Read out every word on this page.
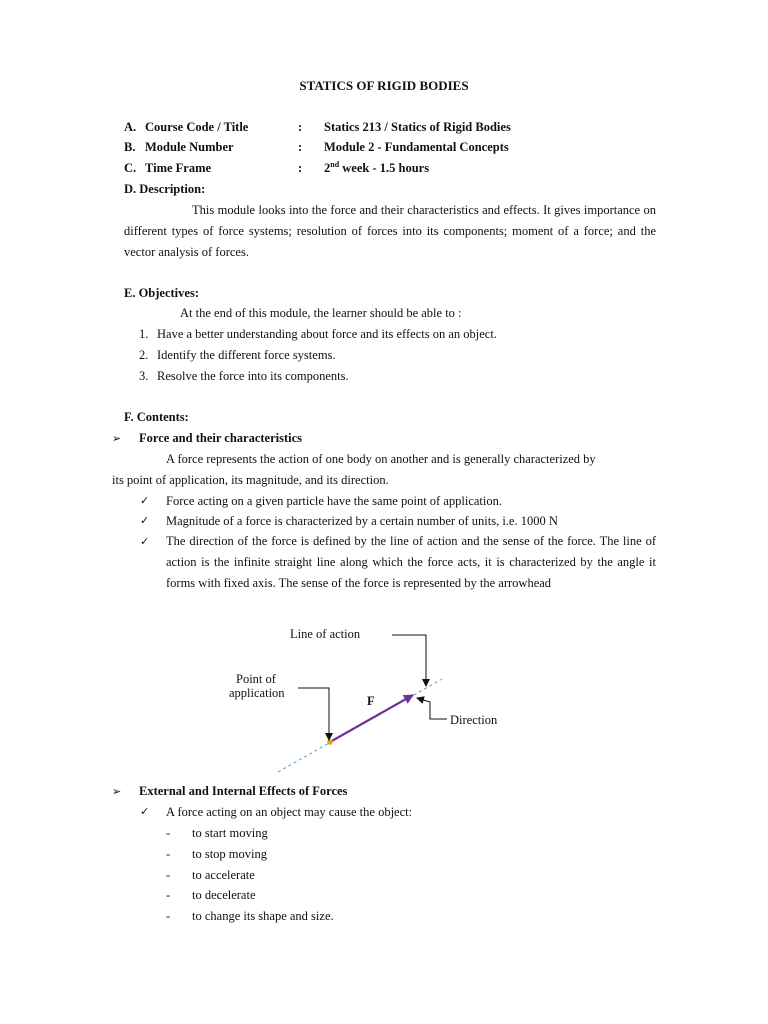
STATICS OF RIGID BODIES
A. Course Code / Title	: Statics 213 / Statics of Rigid Bodies
B. Module Number	: Module 2 - Fundamental Concepts
C. Time Frame	: 2nd week - 1.5 hours
D. Description:
This module looks into the force and their characteristics and effects. It gives importance on different types of force systems; resolution of forces into its components; moment of a force; and the vector analysis of forces.
E. Objectives:
At the end of this module, the learner should be able to :
1. Have a better understanding about force and its effects on an object.
2. Identify the different force systems.
3. Resolve the force into its components.
F. Contents:
➢ Force and their characteristics
A force represents the action of one body on another and is generally characterized by
its point of application, its magnitude, and its direction.
✓ Force acting on a given particle have the same point of application.
✓ Magnitude of a force is characterized by a certain number of units, i.e. 1000 N
✓ The direction of the force is defined by the line of action and the sense of the force. The line of action is the infinite straight line along which the force acts, it is characterized by the angle it forms with fixed axis. The sense of the force is represented by the arrowhead
Line of action
Point of
application
F
Direction
➢ External and Internal Effects of Forces
✓ A force acting on an object may cause the object:
- to start moving
- to stop moving
- to accelerate
- to decelerate
- to change its shape and size.
